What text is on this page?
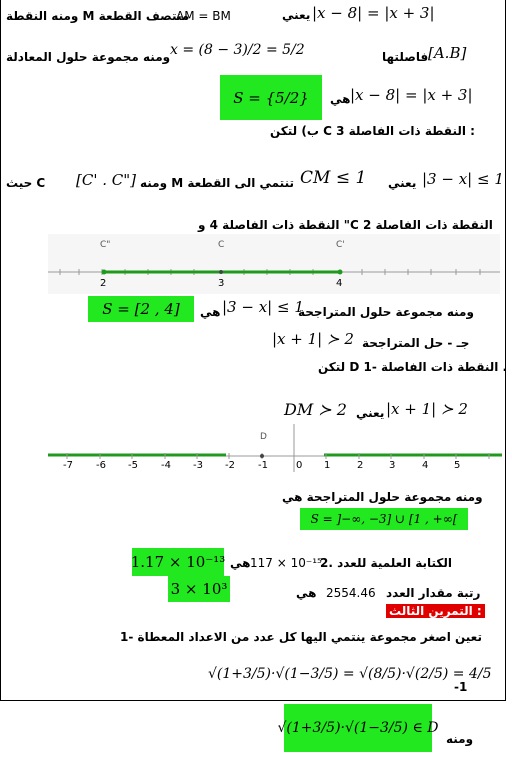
يعني |x − 8| = |x + 3|
AM = BM
ومنه النقطة M منتصف القطعة
فاصلتها [A.B]
ومنه مجموعة حلول المعادلة x = (8 − 3)/2 = 5/2
|x − 8| = |x + 3|
هي
S = {5/2}
ب) لتكن C النقطة ذات الفاصلة 3 :
|3 − x| ≤ 1
يعني
CM ≤ 1
ومنه M تنتمي الى القطعة
[C' . C"]
حيث C
النقطة ذات الفاصلة 4 و "C النقطة ذات الفاصلة 2
C"	C	C'
2	3	4
S = [2 , 4]	هي |3 − x| ≤ 1
ومنه مجموعة حلول المتراجحة
جـ - حل المتراجحة
|x + 1| ≻ 2
لتكن D النقطة ذات الفاصلة -1 .
DM ≻ 2 يعني |x + 1| ≻ 2
D
-7 -6 -5 -4 -3 -2 -1	0 1	2	3	4	5
ومنه مجموعة حلول المتراجحة هي
S = ]−∞, −3] ∪ [1 , +∞[
2. الكتابة العلمية للعدد
117 × 10⁻¹⁵
هي
1.17 × 10⁻¹³
رتبة مقدار العدد
2554.46
هي
3 × 10³
التمرين الثالث :
1- تعين اصغر مجموعة ينتمي اليها كل عدد من الاعداد المعطاة
√(1+3/5)·√(1−3/5) = √(8/5)·√(2/5) = 4/5
-1
√(1+3/5)·√(1−3/5) ∈ D
ومنه
